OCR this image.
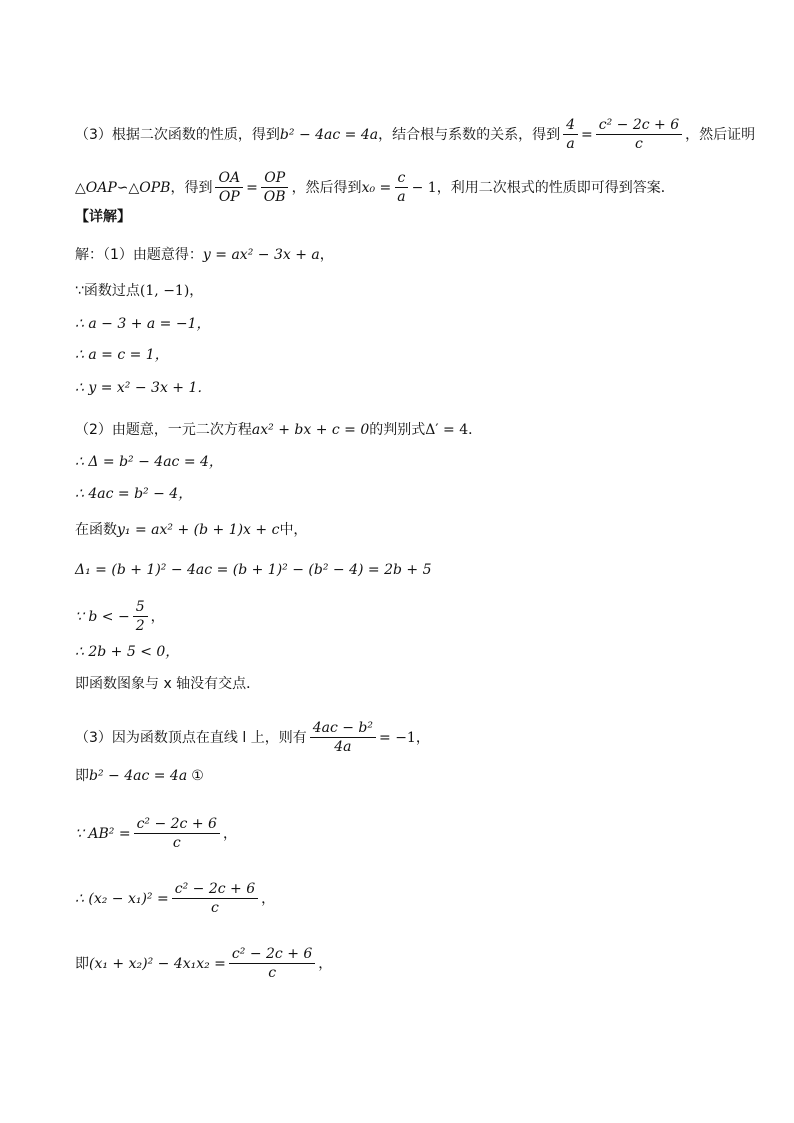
（3）根据二次函数的性质，得到 b² − 4ac = 4a ，结合根与系数的关系，得到 $\frac{4}{a} = \frac{\text{c² − 2c + 6}}{c}$ ，然后证明
△OAP∽△OPB ，得到 $\frac{OA}{OP} = \frac{OP}{OB}$ ，然后得到 $x_0 = \frac{c}{a} - 1$ ，利用二次根式的性质即可得到答案．
【详解】
解：（1）由题意得： y = ax² − 3x + a ，
∵函数过点 (1, −1) ，
∴ a − 3 + a = −1，
∴ a = c = 1，
∴ y = x² − 3x + 1．
（2）由题意，一元二次方程 ax² + bx + c = 0 的判别式 Δ′ = 4 ．
∴ Δ = b² − 4ac = 4，
∴ 4ac = b² − 4，
在函数 y₁ = ax² + (b + 1)x + c 中，
Δ₁ = (b + 1)² − 4ac = (b + 1)² − (b² − 4) = 2b + 5
∵ b < − $\frac{5}{2}$ ，
∴ 2b + 5 < 0，
即函数图象与 x 轴没有交点．
（3）因为函数顶点在直线 l 上，则有 $\frac{\text{4ac − b²}}{4a} = -1$，
即 b² − 4ac = 4a ①
∵ $AB^2 = \frac{\text{c² − 2c + 6}}{c}$ ，
∴ $(x_2 - x_1)^2 = \frac{\text{c² − 2c + 6}}{c}$ ，
即 $(x_1 + x_2)^2 - 4x_1x_2 = \frac{\text{c² − 2c + 6}}{c}$ ，
